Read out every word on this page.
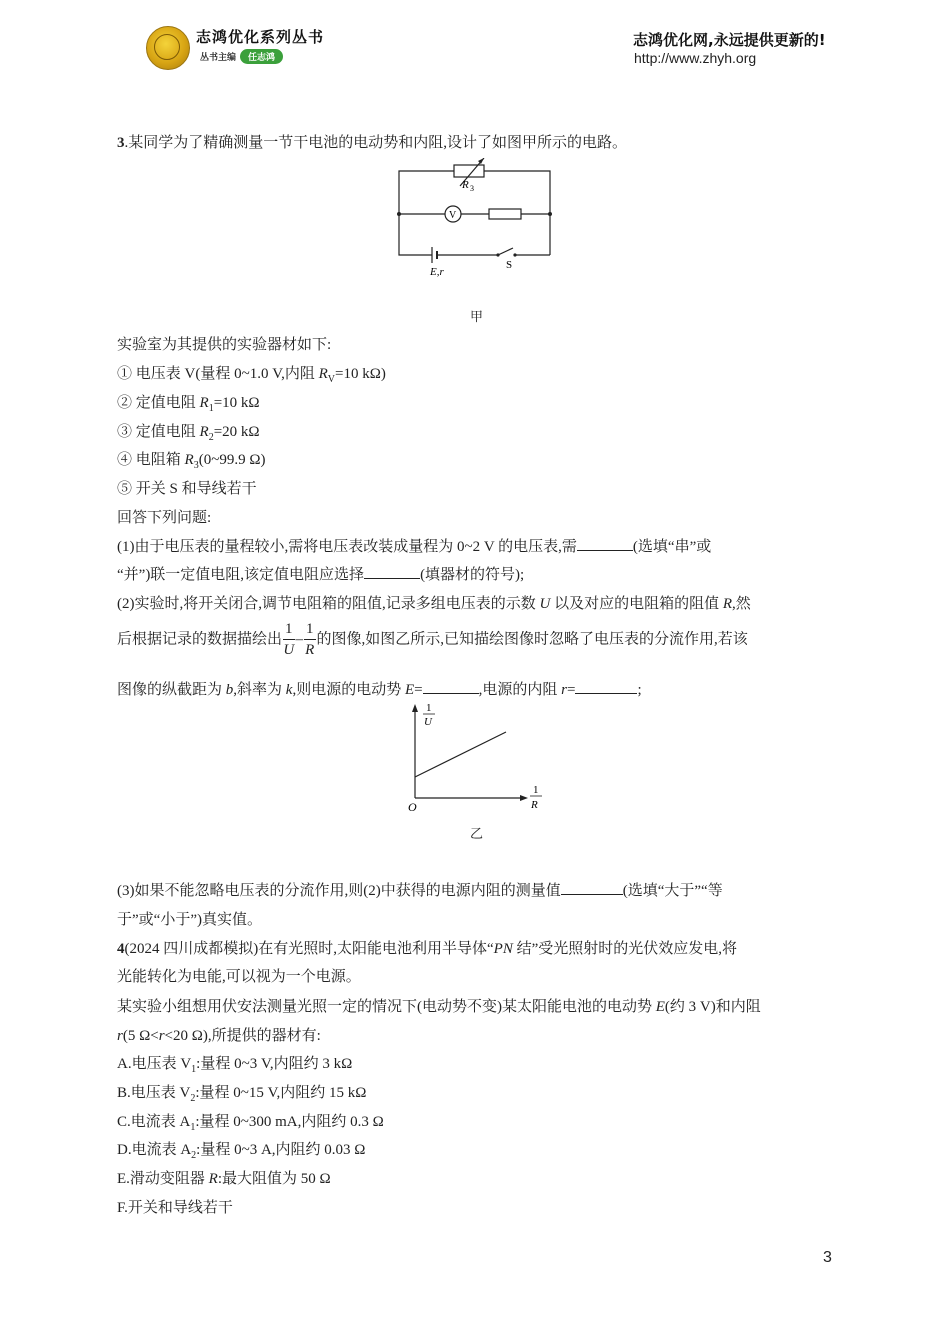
志鸿优化系列丛书
丛书主编 任志鸿
志鸿优化网,永远提供更新的!
http://www.zhyh.org
3.某同学为了精确测量一节干电池的电动势和内阻,设计了如图甲所示的电路。
V
R 3
E,r
S
甲
实验室为其提供的实验器材如下:
① 电压表 V(量程 0~1.0 V,内阻 $R_V=10$ kΩ)
② 定值电阻 $R_1=10$ kΩ
③ 定值电阻 $R_2=20$ kΩ
④ 电阻箱 $R_3(0\sim 99.9$ Ω)
⑤ 开关 S 和导线若干
回答下列问题:
(1)由于电压表的量程较小,需将电压表改装成量程为 0~2 V 的电压表,需	(选填“串”或
“并”)联一定值电阻,该定值电阻应选择	(填器材的符号);
(2)实验时,将开关闭合,调节电阻箱的阻值,记录多组电压表的示数 U 以及对应的电阻箱的阻值 R,然
后根据记录的数据描绘出 $\frac{1}{U} - \frac{1}{R}$ 的图像,如图乙所示,已知描绘图像时忽略了电压表的分流作用,若该
图像的纵截距为 b,斜率为 k,则电源的电动势 E=	,电源的内阻 r=	;
1
U
1
R
O
乙
(3)如果不能忽略电压表的分流作用,则(2)中获得的电源内阻的测量值	(选填“大于”“等
于”或“小于”)真实值。
4(2024 四川成都模拟)在有光照时,太阳能电池利用半导体“PN 结”受光照射时的光伏效应发电,将
光能转化为电能,可以视为一个电源。
某实验小组想用伏安法测量光照一定的情况下(电动势不变)某太阳能电池的电动势 E(约 3 V)和内阻
r(5 Ω<r<20 Ω),所提供的器材有:
A.电压表 $V_1$:量程 0~3 V,内阻约 3 kΩ
B.电压表 $V_2$:量程 0~15 V,内阻约 15 kΩ
C.电流表 $A_1$:量程 0~300 mA,内阻约 0.3 Ω
D.电流表 $A_2$:量程 0~3 A,内阻约 0.03 Ω
E.滑动变阻器 R:最大阻值为 50 Ω
F.开关和导线若干
3
